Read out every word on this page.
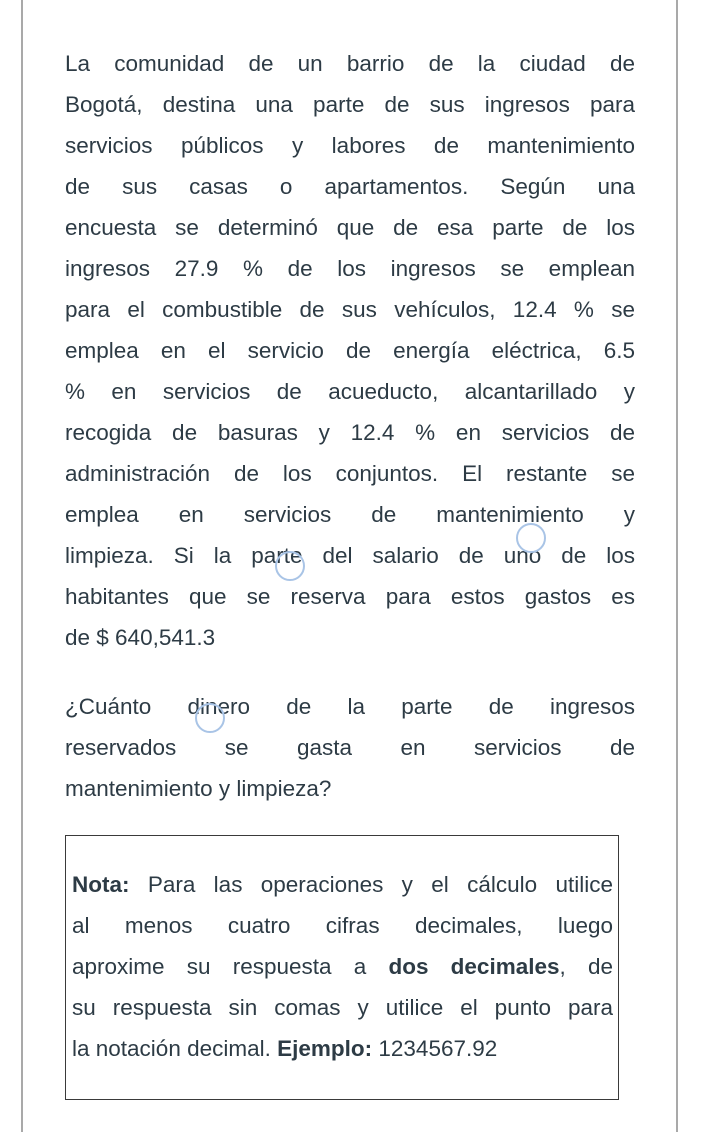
La comunidad de un barrio de la ciudad de
Bogotá, destina una parte de sus ingresos para
servicios públicos y labores de mantenimiento
de sus casas o apartamentos. Según una
encuesta se determinó que de esa parte de los
ingresos 27.9 % de los ingresos se emplean
para el combustible de sus vehículos, 12.4 % se
emplea en el servicio de energía eléctrica, 6.5
% en servicios de acueducto, alcantarillado y
recogida de basuras y 12.4 % en servicios de
administración de los conjuntos. El restante se
emplea en servicios de mantenimiento y
limpieza. Si la parte del salario de uno de los
habitantes que se reserva para estos gastos es
de $ 640,541.3
¿Cuánto dinero de la parte de ingresos
reservados se gasta en servicios de
mantenimiento y limpieza?
Nota: Para las operaciones y el cálculo utilice
al menos cuatro cifras decimales, luego
aproxime su respuesta a dos decimales, de
su respuesta sin comas y utilice el punto para
la notación decimal. Ejemplo: 1234567.92
